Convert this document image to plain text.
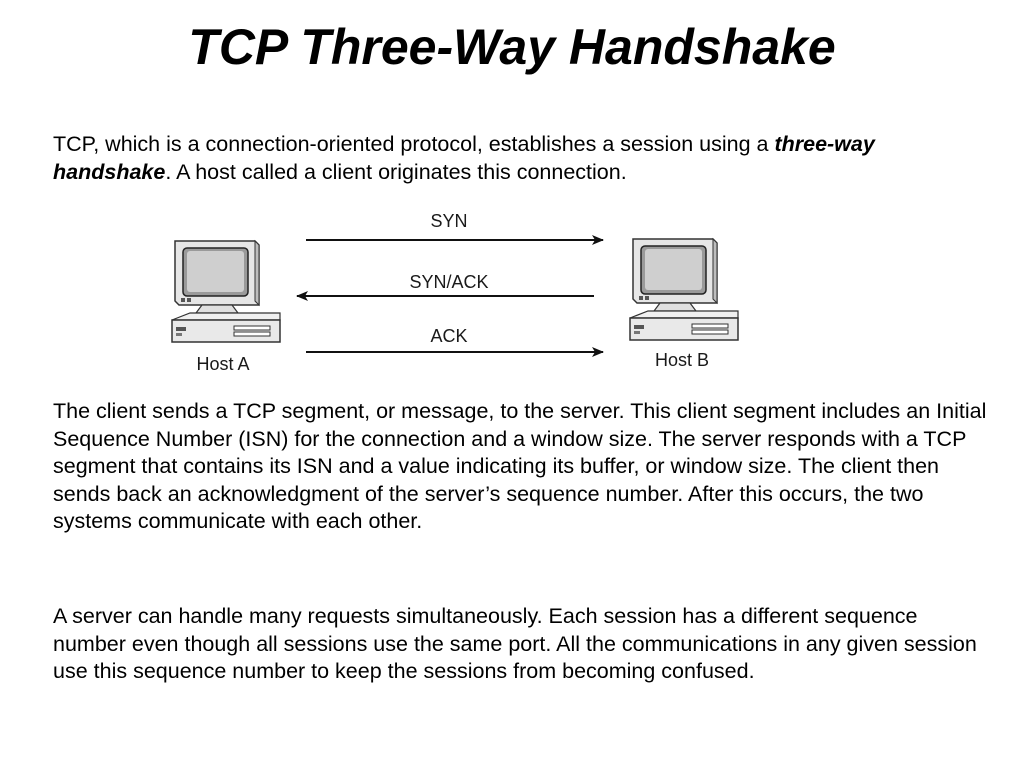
TCP Three-Way Handshake

TCP, which is a connection-oriented protocol, establishes a session using a three-way handshake. A host called a client originates this connection.

Host A	Host B
SYN
SYN/ACK
ACK

The client sends a TCP segment, or message, to the server. This client segment includes an Initial Sequence Number (ISN) for the connection and a window size. The server responds with a TCP segment that contains its ISN and a value indicating its buffer, or window size. The client then sends back an acknowledgment of the server’s sequence number. After this occurs, the two systems communicate with each other.

A server can handle many requests simultaneously. Each session has a different sequence number even though all sessions use the same port. All the communications in any given session use this sequence number to keep the sessions from becoming confused.
